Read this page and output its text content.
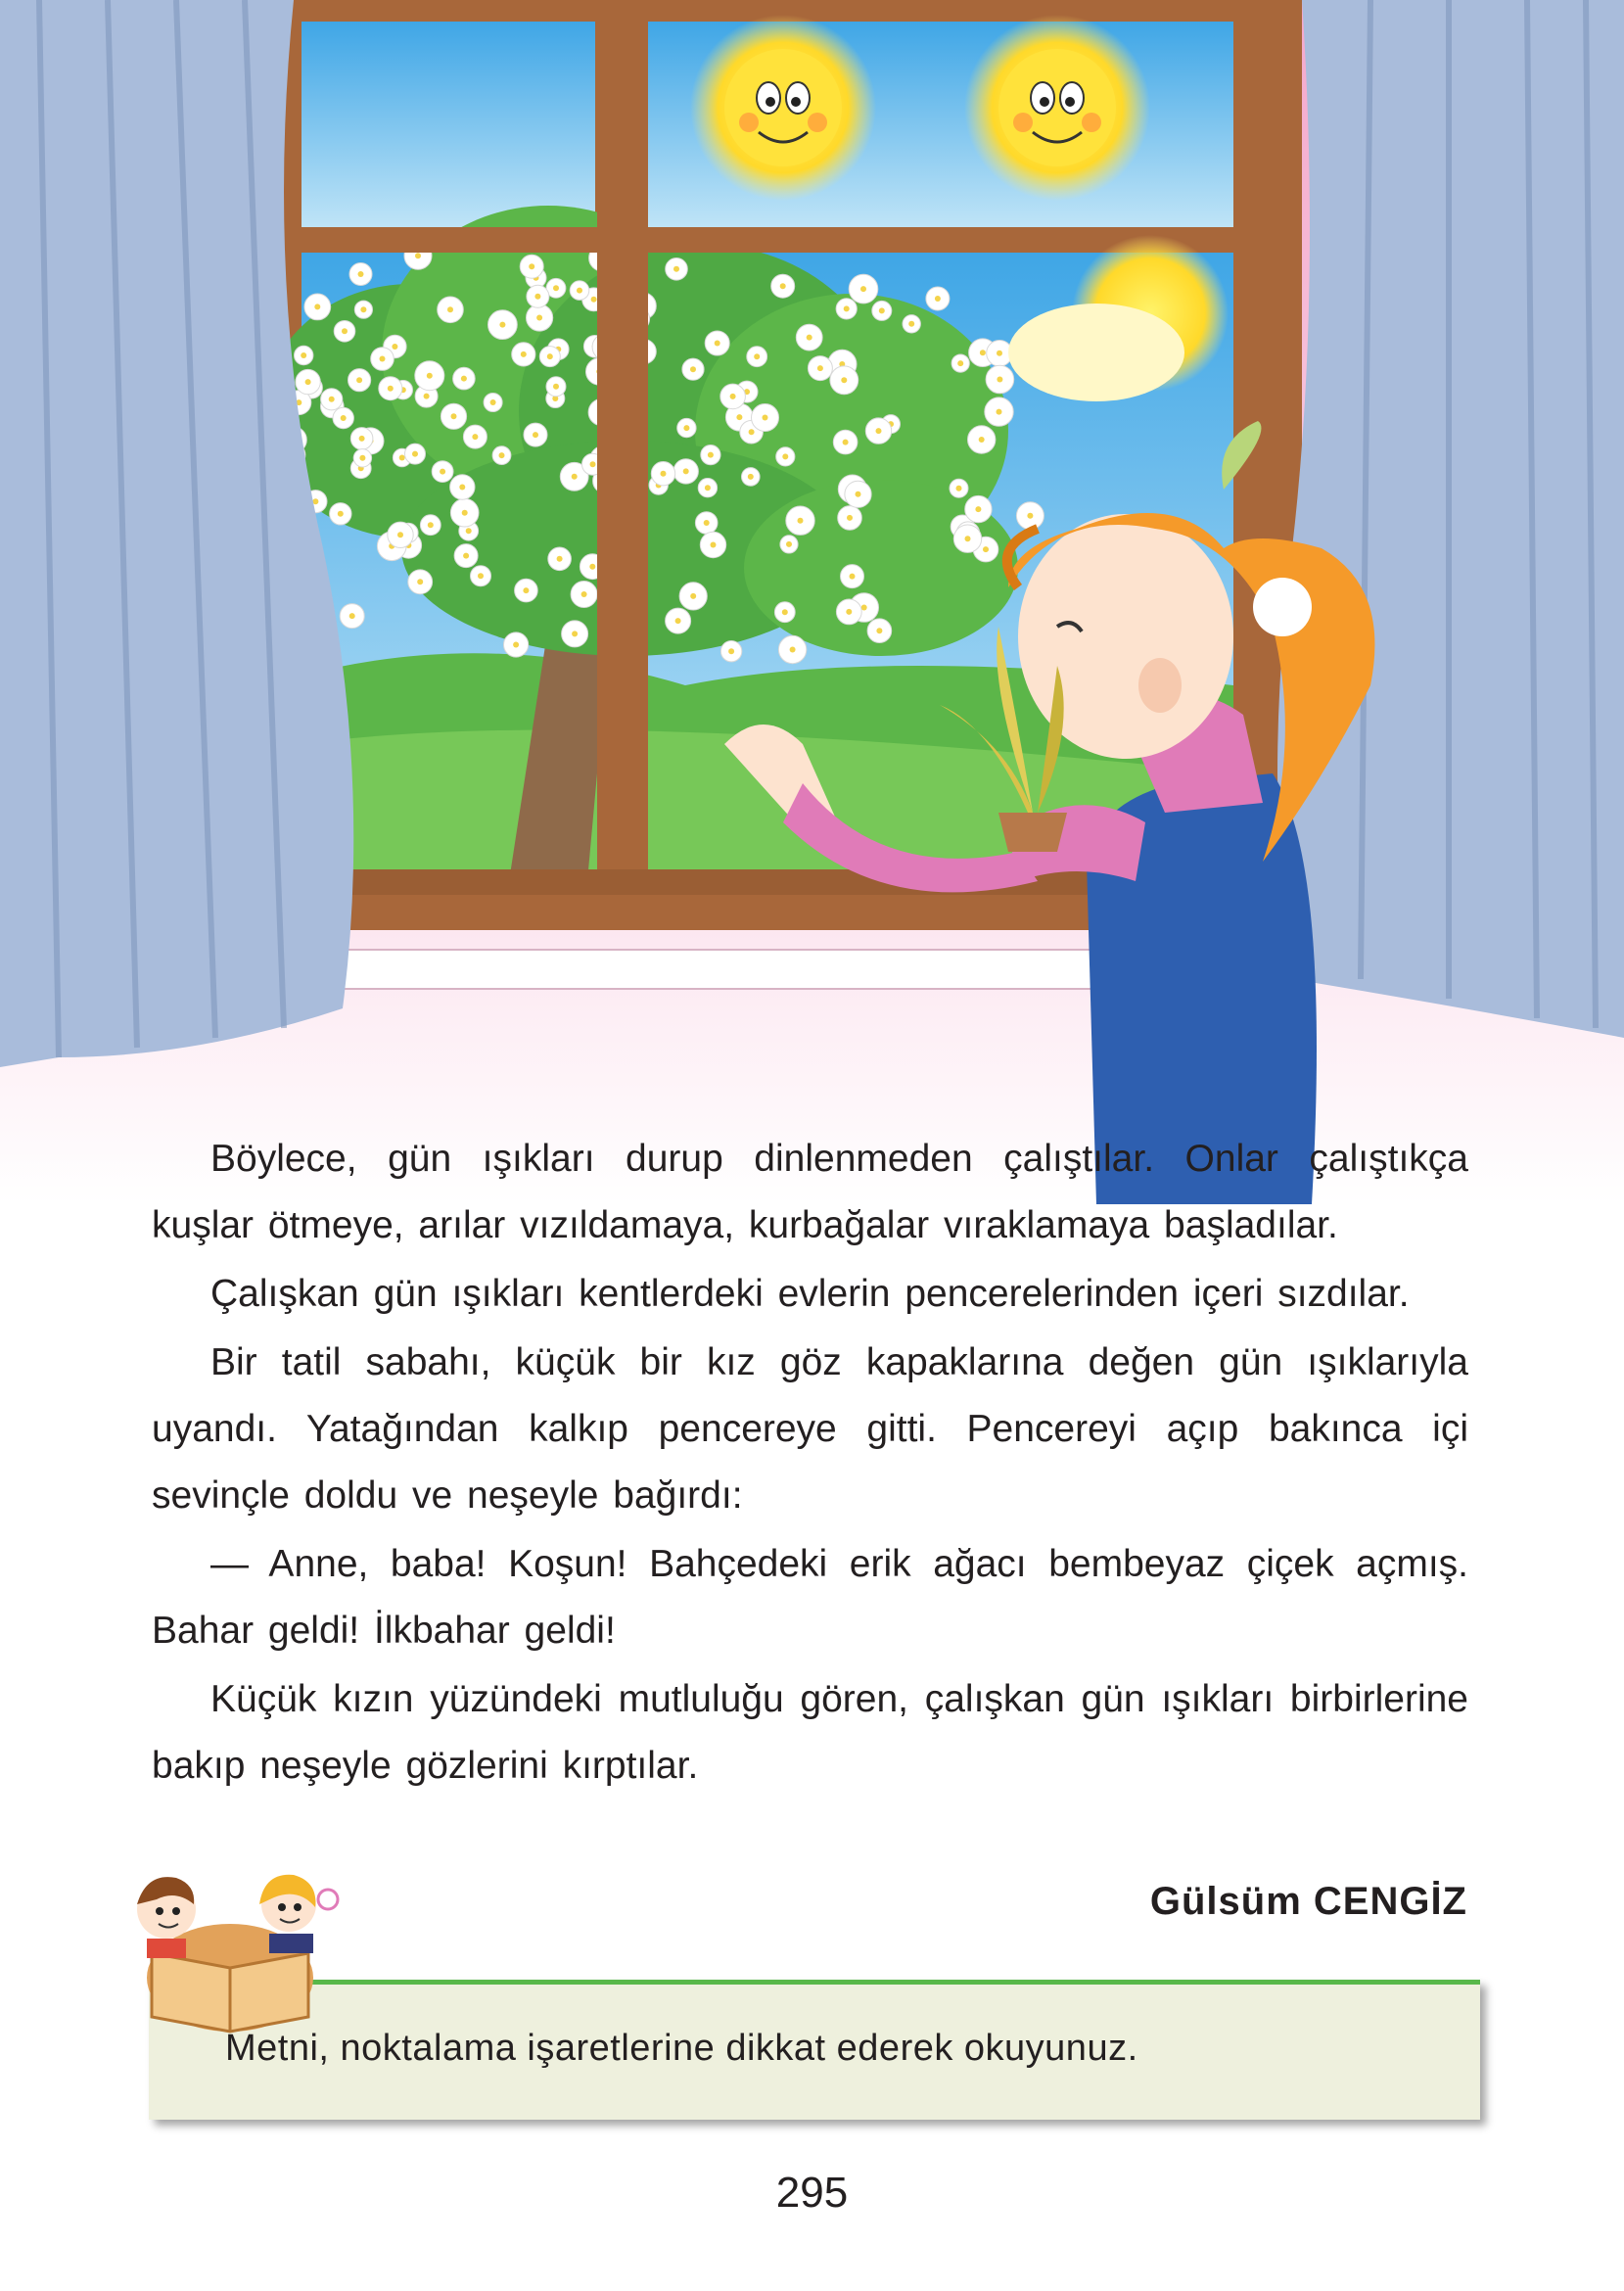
Böylece, gün ışıkları durup dinlenmeden çalıştılar. Onlar çalıştıkça kuşlar ötmeye, arılar vızıldamaya, kurbağalar vıraklamaya başladılar.

Çalışkan gün ışıkları kentlerdeki evlerin pencerelerinden içeri sızdılar.

Bir tatil sabahı, küçük bir kız göz kapaklarına değen gün ışıklarıyla uyandı. Yatağından kalkıp pencereye gitti. Pencereyi açıp bakınca içi sevinçle doldu ve neşeyle bağırdı:

— Anne, baba! Koşun! Bahçedeki erik ağacı bembeyaz çiçek açmış. Bahar geldi! İlkbahar geldi!

Küçük kızın yüzündeki mutluluğu gören, çalışkan gün ışıkları birbirlerine bakıp neşeyle gözlerini kırptılar.

Gülsüm CENGİZ
Metni, noktalama işaretlerine dikkat ederek okuyunuz.
295
